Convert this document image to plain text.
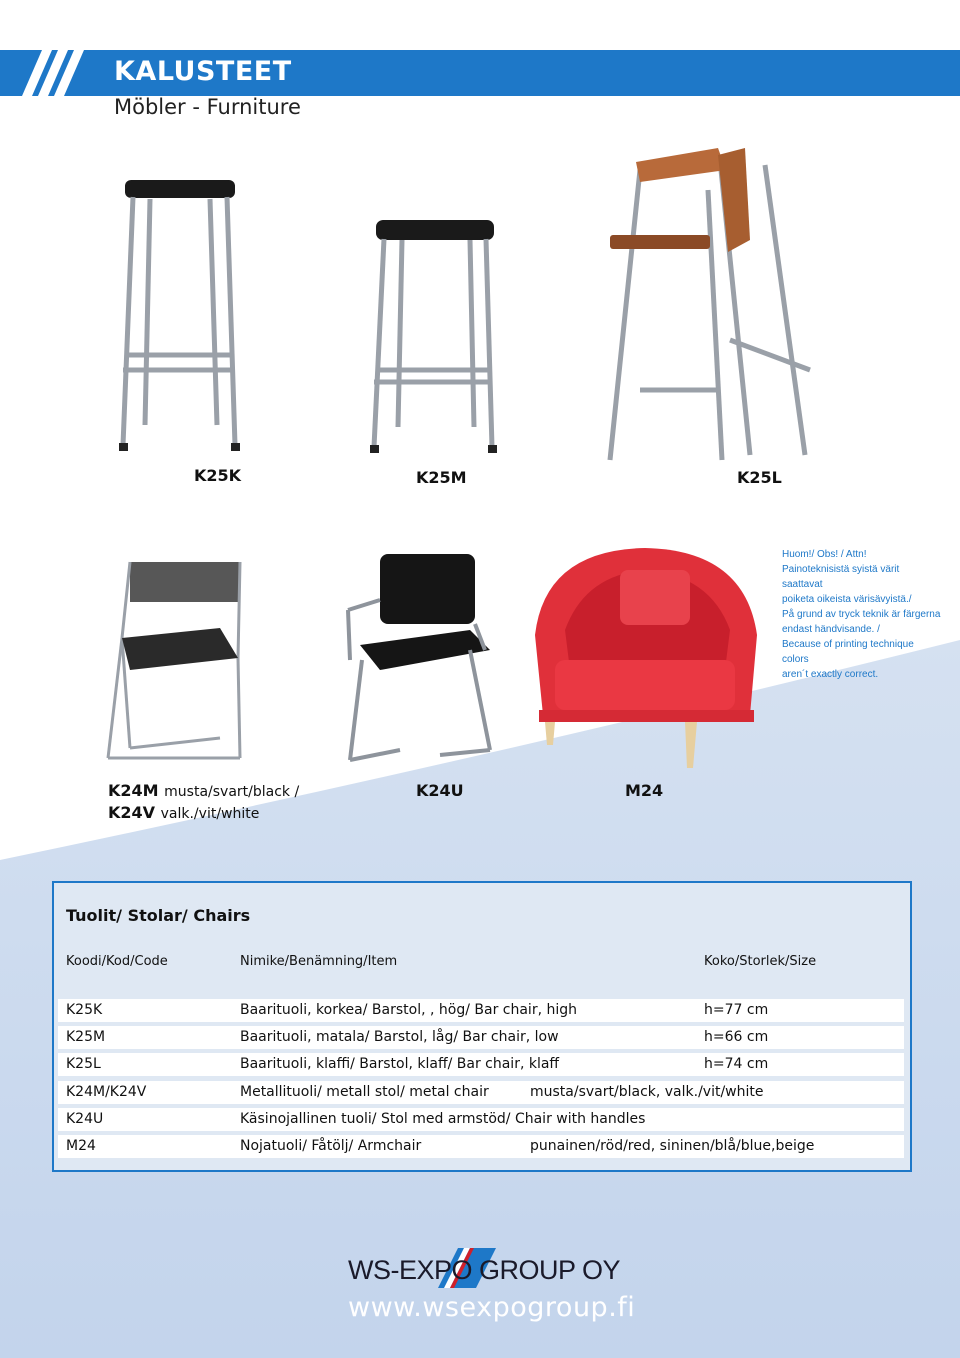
KALUSTEET
Möbler - Furniture
K25K	K25M	K25L
Huom!/ Obs! / Attn!
Painoteknisistä syistä värit saattavat
poiketa oikeista värisävyistä./
På grund av tryck teknik är färgerna
endast händvisande. /
Because of printing technique colors
aren´t exactly correct.
K24M musta/svart/black /
K24V valk./vit/white
K24U	M24
Tuolit/ Stolar/ Chairs
Koodi/Kod/Code	Nimike/Benämning/Item	Koko/Storlek/Size
K25K	Baarituoli, korkea/ Barstol, , hög/ Bar chair, high	h=77 cm
K25M	Baarituoli, matala/ Barstol, låg/ Bar chair, low	h=66 cm
K25L	Baarituoli, klaffi/ Barstol, klaff/ Bar chair, klaff	h=74 cm
K24M/K24V	Metallituoli/ metall stol/ metal chair	musta/svart/black, valk./vit/white
K24U	Käsinojallinen tuoli/ Stol med armstöd/ Chair with handles
M24	Nojatuoli/ Fåtölj/ Armchair	punainen/röd/red, sininen/blå/blue,beige
WS-EXPO GROUP OY
www.wsexpogroup.fi
